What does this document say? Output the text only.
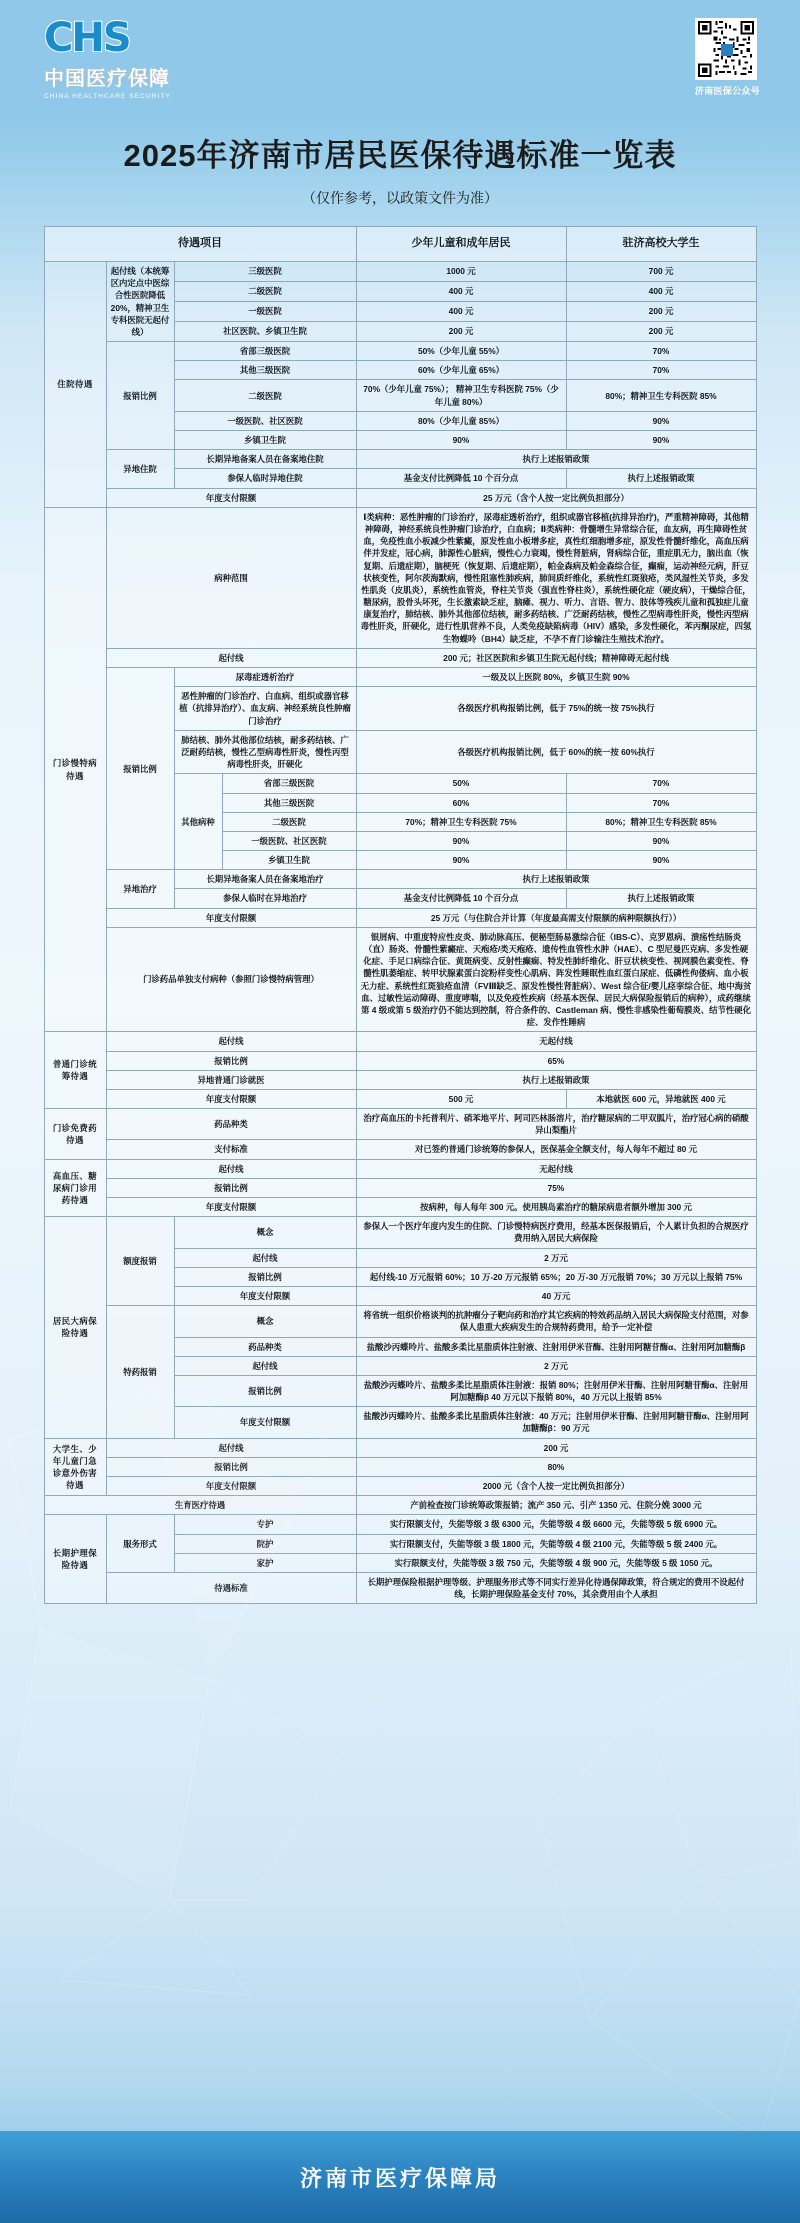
CHS
中国医疗保障
CHINA HEALTHCARE SECURITY
济南医保公众号
2025年济南市居民医保待遇标准一览表
（仅作参考，以政策文件为准）
待遇项目				少年儿童和成年居民	驻济高校大学生
住院待遇	起付线（本统筹区内定点中医综合性医院降低20%，精神卫生专科医院无起付线）	三级医院		1000 元	700 元
		二级医院		400 元	400 元
		一级医院		400 元	200 元
		社区医院、乡镇卫生院		200 元	200 元
	报销比例	省部三级医院		50%（少年儿童 55%）	70%
		其他三级医院		60%（少年儿童 65%）	70%
		二级医院		70%（少年儿童 75%）； 精神卫生专科医院 75%（少年儿童 80%）	80%；精神卫生专科医院 85%
		一级医院、社区医院		80%（少年儿童 85%）	90%
		乡镇卫生院		90%	90%
	异地住院	长期异地备案人员在备案地住院		执行上述报销政策	
		参保人临时异地住院		基金支付比例降低 10 个百分点	执行上述报销政策
	年度支付限额			25 万元（含个人按一定比例负担部分）	
门诊慢特病待遇	病种范围			Ⅰ类病种：恶性肿瘤的门诊治疗，尿毒症透析治疗，组织或器官移植(抗排异治疗)，严重精神障碍，其他精神障碍，神经系统良性肿瘤门诊治疗，白血病；Ⅱ类病种：骨髓增生异常综合征，血友病，再生障碍性贫血，免疫性血小板减少性紫癜，原发性血小板增多症，真性红细胞增多症，原发性骨髓纤维化，高血压病伴并发症，冠心病，肺源性心脏病，慢性心力衰竭，慢性肾脏病，肾病综合征，重症肌无力，脑出血（恢复期、后遗症期），脑梗死（恢复期、后遗症期），帕金森病及帕金森综合征，癫痫，运动神经元病，肝豆状核变性，阿尔茨海默病，慢性阻塞性肺疾病，肺间质纤维化，系统性红斑狼疮，类风湿性关节炎，多发性肌炎（皮肌炎），系统性血管炎，脊柱关节炎（强直性脊柱炎），系统性硬化症（硬皮病），干燥综合征，糖尿病，股骨头坏死，生长激素缺乏症，脑瘫、视力、听力、言语、智力、肢体等残疾儿童和孤独症儿童康复治疗，肺结核、肺外其他部位结核，耐多药结核、广泛耐药结核，慢性乙型病毒性肝炎，慢性丙型病毒性肝炎，肝硬化，进行性肌营养不良，人类免疫缺陷病毒（HIV）感染，多发性硬化，苯丙酮尿症，四氢生物蝶呤（BH4）缺乏症，不孕不育门诊输注生殖技术治疗。	
	起付线			200 元；社区医院和乡镇卫生院无起付线；精神障碍无起付线	
	报销比例	尿毒症透析治疗		一级及以上医院 80%，乡镇卫生院 90%	
		恶性肿瘤的门诊治疗、白血病、组织或器官移植（抗排异治疗）、血友病、神经系统良性肿瘤门诊治疗		各级医疗机构报销比例，低于 75%的统一按 75%执行	
		肺结核、肺外其他部位结核，耐多药结核、广泛耐药结核，慢性乙型病毒性肝炎，慢性丙型病毒性肝炎，肝硬化		各级医疗机构报销比例，低于 60%的统一按 60%执行	
		其他病种	省部三级医院	50%	70%
			其他三级医院	60%	70%
			二级医院	70%；精神卫生专科医院 75%	80%；精神卫生专科医院 85%
			一级医院、社区医院	90%	90%
			乡镇卫生院	90%	90%
	异地治疗	长期异地备案人员在备案地治疗		执行上述报销政策	
		参保人临时在异地治疗		基金支付比例降低 10 个百分点	执行上述报销政策
	年度支付限额			25 万元（与住院合并计算（年度最高需支付限额的病种限额执行））	
	门诊药品单独支付病种（参照门诊慢特病管理）			银屑病、中重度特应性皮炎、肺动脉高压、便秘型肠易激综合征（IBS-C）、克罗恩病、溃疡性结肠炎（直）肠炎、骨髓性紫癜症、天疱疮/类天疱疮、遗传性血管性水肿（HAE）、C 型尼曼匹克病、多发性硬化症、手足口病综合征、黄斑病变、反射性癫痫、特发性肺纤维化、肝豆状核变性、视网膜色素变性、脊髓性肌萎缩症、转甲状腺素蛋白淀粉样变性心肌病、阵发性睡眠性血红蛋白尿症、低磷性佝偻病、血小板无力症、系统性红斑狼疮血清（FVⅢ缺乏、原发性慢性肾脏病）、West 综合征/婴儿痉挛综合征、地中海贫血、过敏性运动障碍、重度哮喘，以及免疫性疾病（经基本医保、居民大病保险报销后的病种），成药继续第 4 级或第 5 级治疗仍不能达到控制，符合条件的、Castleman 病、慢性非感染性葡萄膜炎、结节性硬化症、发作性睡病	
普通门诊统筹待遇	起付线			无起付线	
	报销比例			65%	
	异地普通门诊就医			执行上述报销政策	
	年度支付限额			500 元	本地就医 600 元，异地就医 400 元
门诊免费药待遇	药品种类			治疗高血压的卡托普利片、硝苯地平片、阿司匹林肠溶片，治疗糖尿病的二甲双胍片，治疗冠心病的硝酸异山梨酯片	
	支付标准			对已签约普通门诊统筹的参保人，医保基金全额支付，每人每年不超过 80 元	
高血压、糖尿病门诊用药待遇	起付线			无起付线	
	报销比例			75%	
	年度支付限额			按病种，每人每年 300 元。使用胰岛素治疗的糖尿病患者额外增加 300 元	
居民大病保险待遇	额度报销	概念		参保人一个医疗年度内发生的住院、门诊慢特病医疗费用，经基本医保报销后，个人累计负担的合规医疗费用纳入居民大病保险	
		起付线		2 万元	
		报销比例		起付线-10 万元报销 60%；10 万-20 万元报销 65%；20 万-30 万元报销 70%；30 万元以上报销 75%	
		年度支付限额		40 万元	
	特药报销	概念		将省统一组织价格谈判的抗肿瘤分子靶向药和治疗其它疾病的特效药品纳入居民大病保险支付范围，对参保人患重大疾病发生的合规特药费用，给予一定补偿	
		药品种类		盐酸沙丙蝶呤片、盐酸多柔比星脂质体注射液、注射用伊米苷酶、注射用阿糖苷酶α、注射用阿加糖酶β	
		起付线		2 万元	
		报销比例		盐酸沙丙蝶呤片、盐酸多柔比星脂质体注射液：报销 80%；注射用伊米苷酶、注射用阿糖苷酶α、注射用阿加糖酶β 40 万元以下报销 80%，40 万元以上报销 85%	
		年度支付限额		盐酸沙丙蝶呤片、盐酸多柔比星脂质体注射液：40 万元；注射用伊米苷酶、注射用阿糖苷酶α、注射用阿加糖酶β：90 万元	
大学生、少年儿童门急诊意外伤害 待遇	起付线			200 元	
	报销比例			80%	
	年度支付限额			2000 元（含个人按一定比例负担部分）	
生育医疗待遇				产前检查按门诊统筹政策报销；流产 350 元、引产 1350 元、住院分娩 3000 元	
长期护理保险待遇	服务形式	专护		实行限额支付，失能等级 3 级 6300 元，失能等级 4 级 6600 元，失能等级 5 级 6900 元。	
		院护		实行限额支付，失能等级 3 级 1800 元，失能等级 4 级 2100 元，失能等级 5 级 2400 元。	
		家护		实行限额支付，失能等级 3 级 750 元，失能等级 4 级 900 元，失能等级 5 级 1050 元。	
	待遇标准			长期护理保险根据护理等级、护理服务形式等不同实行差异化待遇保障政策，符合规定的费用不设起付线，长期护理保险基金支付 70%，其余费用由个人承担	
济南市医疗保障局
